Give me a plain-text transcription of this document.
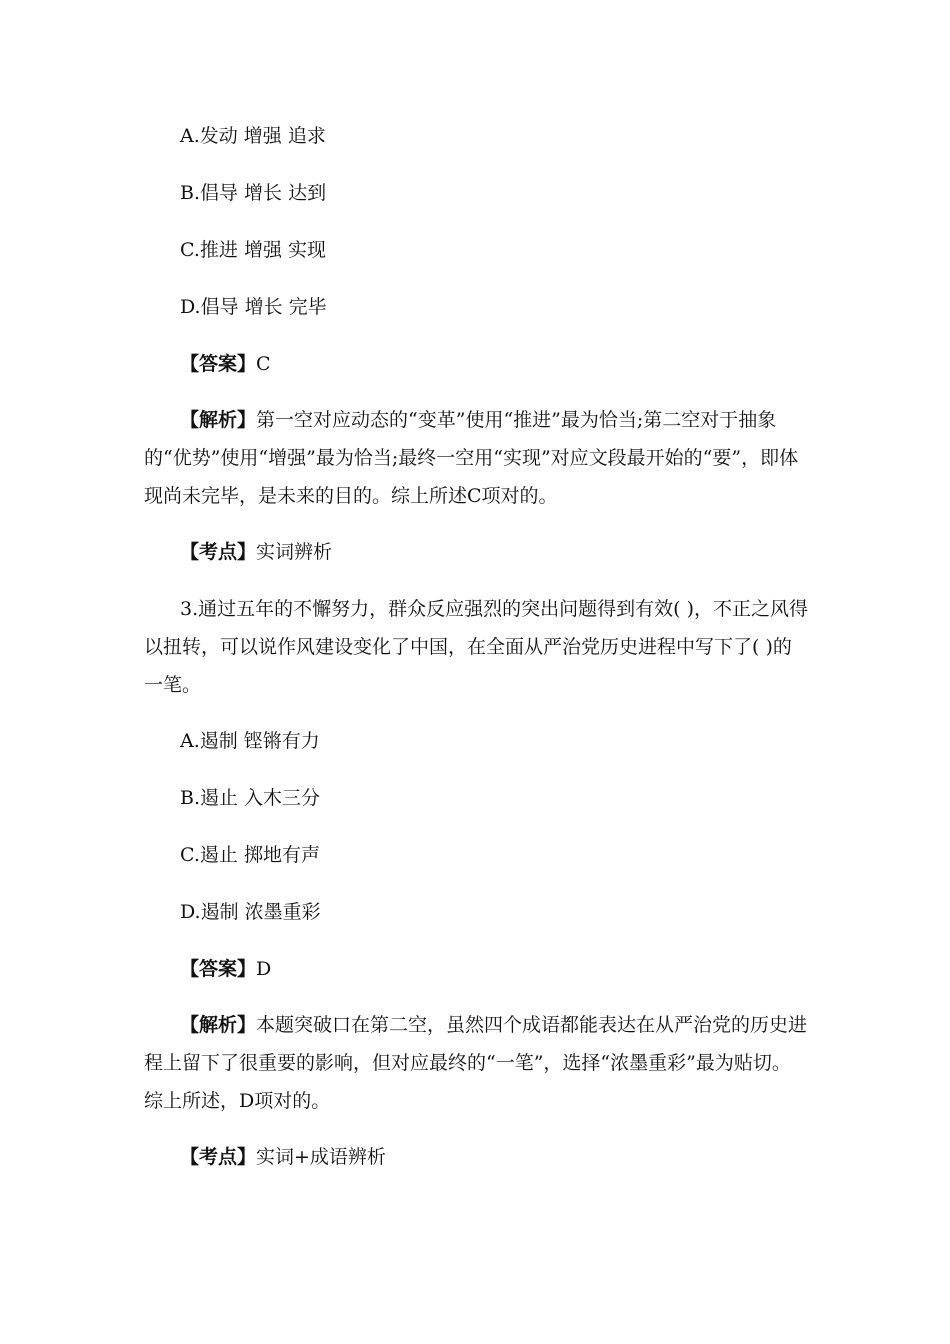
A.发动 增强 追求
B.倡导 增长 达到
C.推进 增强 实现
D.倡导 增长 完毕
【答案】C
【解析】第一空对应动态的“变革”使用“推进”最为恰当;第二空对于抽象的“优势”使用“增强”最为恰当;最终一空用“实现”对应文段最开始的“要”，即体现尚未完毕，是未来的目的。综上所述C项对的。
【考点】实词辨析
3.通过五年的不懈努力，群众反应强烈的突出问题得到有效( )，不正之风得以扭转，可以说作风建设变化了中国，在全面从严治党历史进程中写下了( )的一笔。
A.遏制 铿锵有力
B.遏止 入木三分
C.遏止 掷地有声
D.遏制 浓墨重彩
【答案】D
【解析】本题突破口在第二空，虽然四个成语都能表达在从严治党的历史进程上留下了很重要的影响，但对应最终的“一笔”，选择“浓墨重彩”最为贴切。综上所述，D项对的。
【考点】实词+成语辨析
